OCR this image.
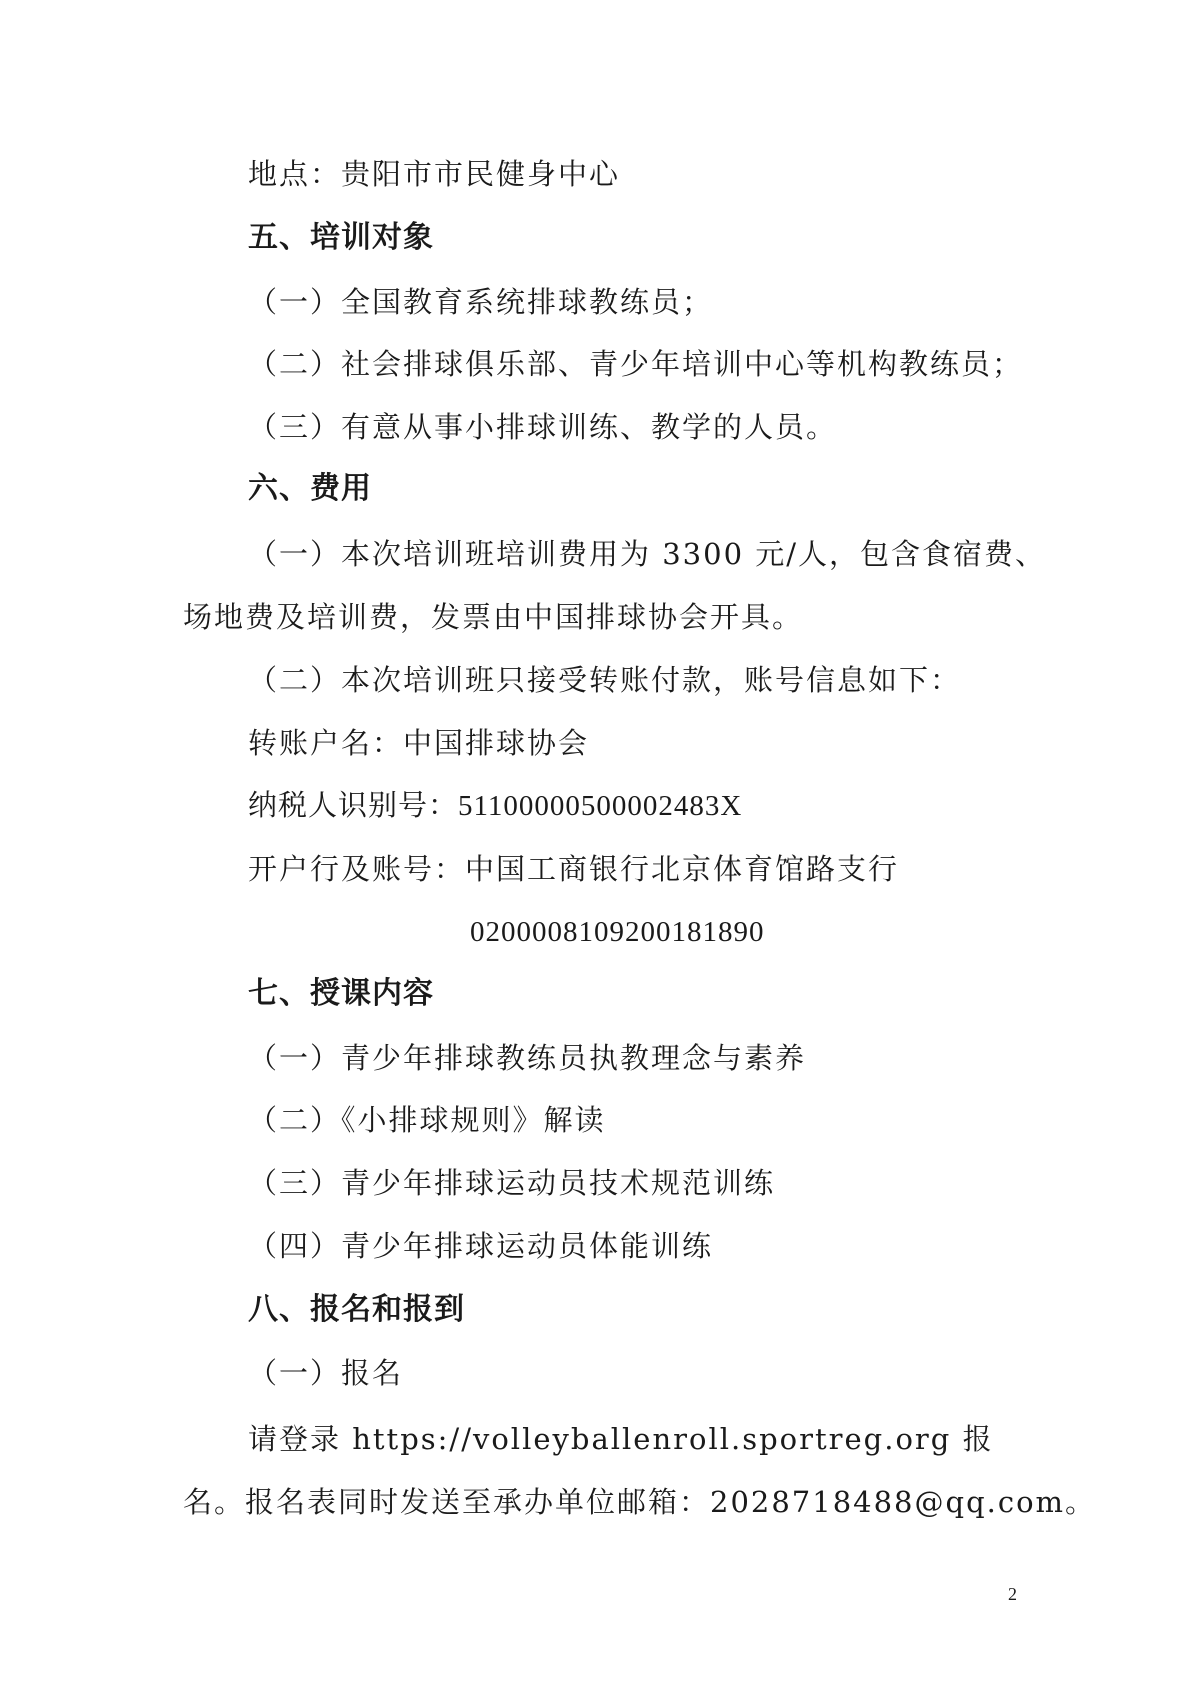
地点：贵阳市市民健身中心
五、培训对象
（一）全国教育系统排球教练员；
（二）社会排球俱乐部、青少年培训中心等机构教练员；
（三）有意从事小排球训练、教学的人员。
六、费用
（一）本次培训班培训费用为 3300 元/人，包含食宿费、
场地费及培训费，发票由中国排球协会开具。
（二）本次培训班只接受转账付款，账号信息如下：
转账户名：中国排球协会
纳税人识别号：51100000500002483X
开户行及账号：中国工商银行北京体育馆路支行
0200008109200181890
七、授课内容
（一）青少年排球教练员执教理念与素养
（二）《小排球规则》解读
（三）青少年排球运动员技术规范训练
（四）青少年排球运动员体能训练
八、报名和报到
（一）报名
请登录 https://volleyballenroll.sportreg.org 报
名。报名表同时发送至承办单位邮箱：2028718488@qq.com。
2
